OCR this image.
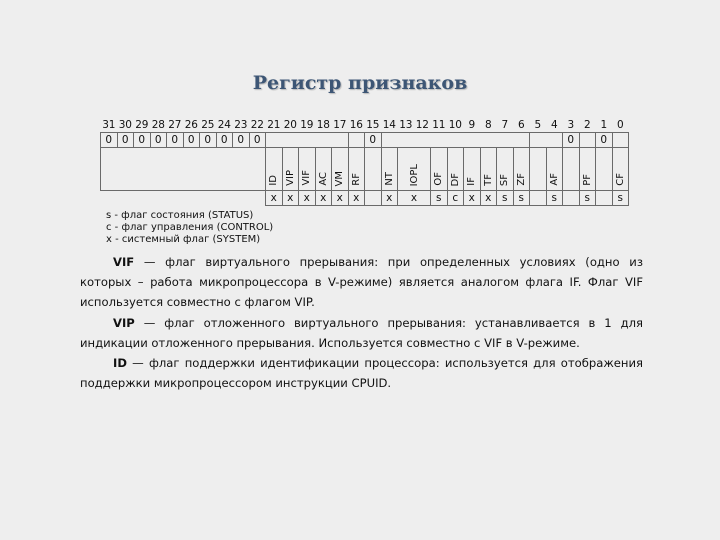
Регистр признаков
31	30	29	28	27	26	25	24	23	22	21	20	19	18	17	16	15	14	13	12	11	10	9	8	7	6	5	4	3	2	1	0	
0	0	0	0	0	0	0	0	0	0							0												0		0			
										ID	VIP	VIF	AC	VM	RF		NT	IOPL		OF	DF	IF	TF	SF	ZF		AF		PF		CF	
										x	x	x	x	x	x		x	x		s	c	x	x	s	s		s		s		s	
s - флаг состояния (STATUS)
c - флаг управления (CONTROL)
x - системный флаг (SYSTEM)

VIF — флаг виртуального прерывания: при определенных условиях (одно из которых – работа микропроцессора в V-режиме) является аналогом флага IF. Флаг VIF используется совместно с флагом VIP.

VIP — флаг отложенного виртуального прерывания: устанавливается в 1 для индикации отложенного прерывания. Используется совместно с VIF в V-режиме.

ID — флаг поддержки идентификации процессора: используется для отображения поддержки микропроцессором инструкции CPUID.
